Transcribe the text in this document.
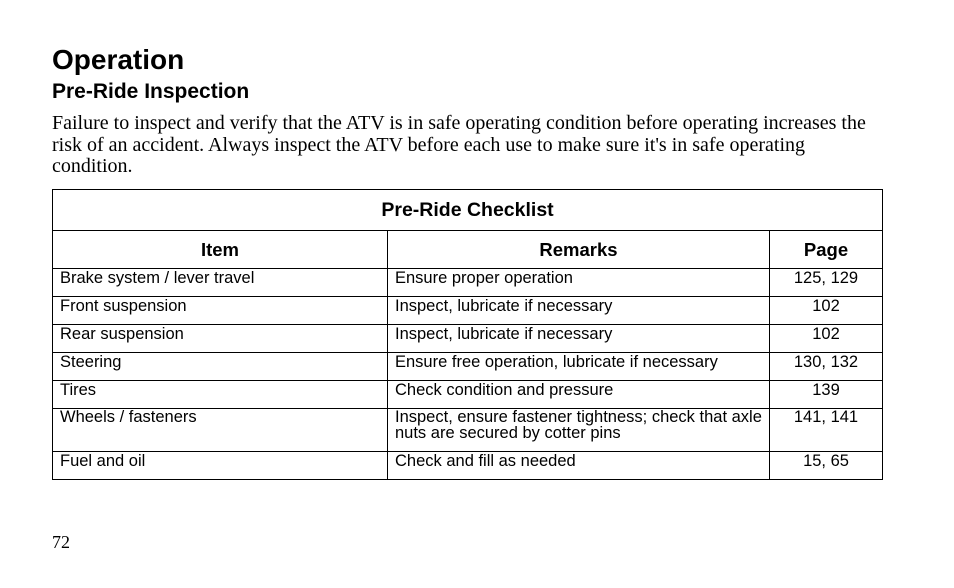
Operation
Pre-Ride Inspection

Failure to inspect and verify that the ATV is in safe operating condition before operating increases the risk of an accident. Always inspect the ATV before each use to make sure it's in safe operating condition.

Pre-Ride Checklist		
Item	Remarks	Page
Brake system / lever travel	Ensure proper operation	125, 129
Front suspension	Inspect, lubricate if necessary	102
Rear suspension	Inspect, lubricate if necessary	102
Steering	Ensure free operation, lubricate if necessary	130, 132
Tires	Check condition and pressure	139
Wheels / fasteners	Inspect, ensure fastener tightness; check that axle nuts are secured by cotter pins	141, 141
Fuel and oil	Check and fill as needed	15, 65

72
